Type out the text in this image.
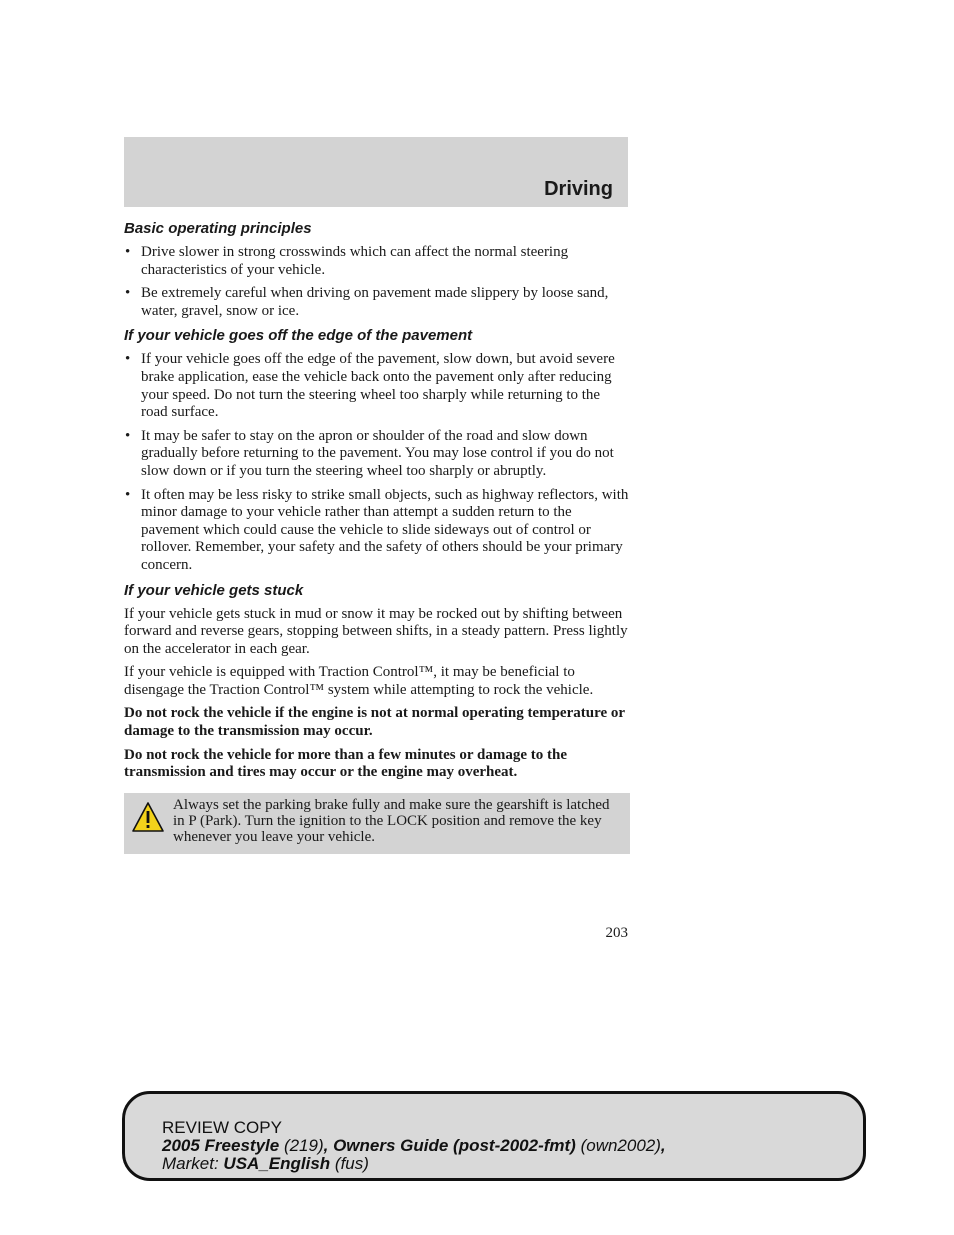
Driving
Basic operating principles
• Drive slower in strong crosswinds which can affect the normal steering characteristics of your vehicle.
• Be extremely careful when driving on pavement made slippery by loose sand, water, gravel, snow or ice.
If your vehicle goes off the edge of the pavement
• If your vehicle goes off the edge of the pavement, slow down, but avoid severe brake application, ease the vehicle back onto the pavement only after reducing your speed. Do not turn the steering wheel too sharply while returning to the road surface.
• It may be safer to stay on the apron or shoulder of the road and slow down gradually before returning to the pavement. You may lose control if you do not slow down or if you turn the steering wheel too sharply or abruptly.
• It often may be less risky to strike small objects, such as highway reflectors, with minor damage to your vehicle rather than attempt a sudden return to the pavement which could cause the vehicle to slide sideways out of control or rollover. Remember, your safety and the safety of others should be your primary concern.
If your vehicle gets stuck

If your vehicle gets stuck in mud or snow it may be rocked out by shifting between forward and reverse gears, stopping between shifts, in a steady pattern. Press lightly on the accelerator in each gear.

If your vehicle is equipped with Traction Control™, it may be beneficial to disengage the Traction Control™ system while attempting to rock the vehicle.

Do not rock the vehicle if the engine is not at normal operating temperature or damage to the transmission may occur.

Do not rock the vehicle for more than a few minutes or damage to the transmission and tires may occur or the engine may overheat.

Always set the parking brake fully and make sure the gearshift is latched in P (Park). Turn the ignition to the LOCK position and remove the key whenever you leave your vehicle.
203
REVIEW COPY
2005 Freestyle (219), Owners Guide (post-2002-fmt) (own2002),
Market: USA_English (fus)
